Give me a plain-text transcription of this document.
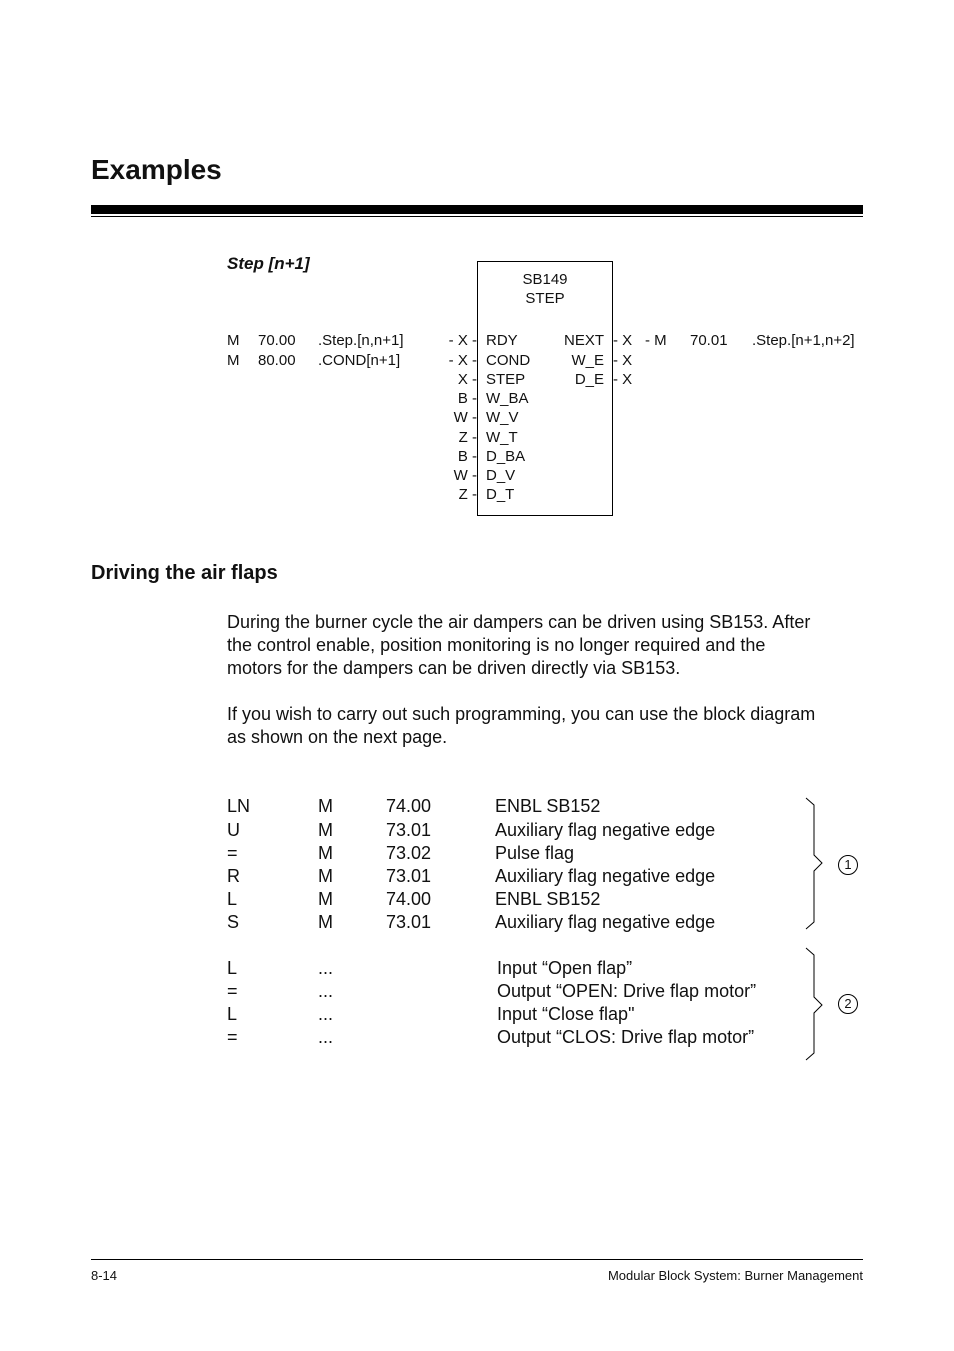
Examples
Step [n+1]
SB149
STEP
M 70.00 .Step.[n,n+1]
M 80.00 .COND[n+1]
- X - RDY
- X - COND
X - STEP
B - W_BA
W - W_V
Z - W_T
B - D_BA
W - D_V
Z - D_T
NEXT - X
W_E - X
D_E - X
- M 70.01 .Step.[n+1,n+2]
Driving the air flaps
During the burner cycle the air dampers can be driven using SB153. After
the control enable, position monitoring is no longer required and the
motors for the dampers can be driven directly via SB153.
If you wish to carry out such programming, you can use the block diagram
as shown on the next page.
LN	M	74.00	ENBL SB152
U	M	73.01	Auxiliary flag negative edge
=	M	73.02	Pulse flag
R	M	73.01	Auxiliary flag negative edge
L	M	74.00	ENBL SB152
S	M	73.01	Auxiliary flag negative edge
1
L	...	Input “Open flap”
=	...	Output “OPEN: Drive flap motor”
L	...	Input “Close flap"
=	...	Output “CLOS: Drive flap motor”
2
8-14	Modular Block System: Burner Management
